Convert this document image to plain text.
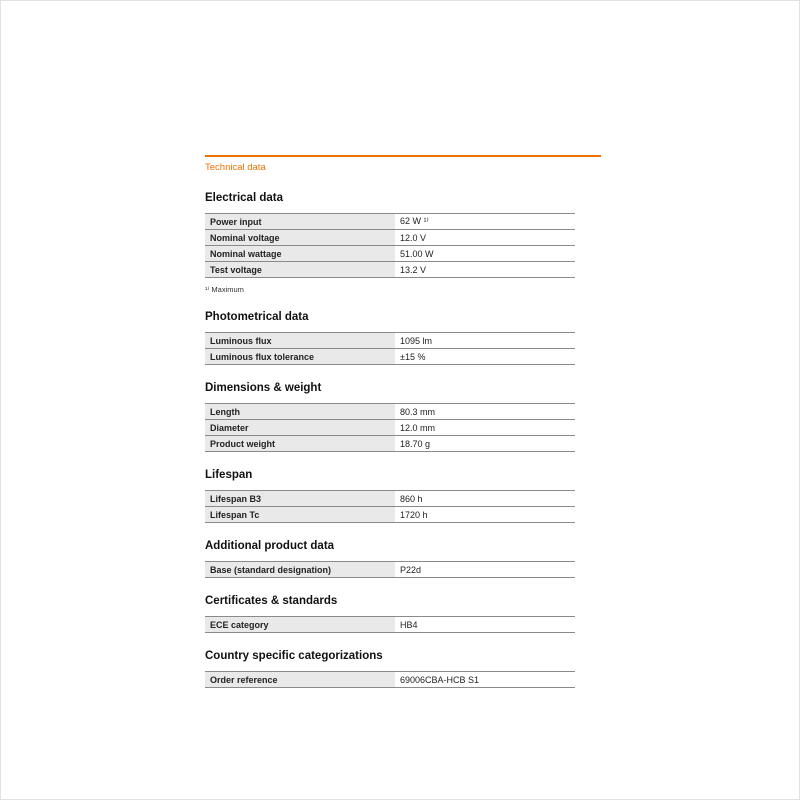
Technical data
Electrical data
Power input	62 W ¹⁾
Nominal voltage	12.0 V
Nominal wattage	51.00 W
Test voltage	13.2 V
¹⁾ Maximum
Photometrical data
Luminous flux	1095 lm
Luminous flux tolerance	±15 %
Dimensions & weight
Length	80.3 mm
Diameter	12.0 mm
Product weight	18.70 g
Lifespan
Lifespan B3	860 h
Lifespan Tc	1720 h
Additional product data
Base (standard designation)	P22d
Certificates & standards
ECE category	HB4
Country specific categorizations
Order reference	69006CBA-HCB S1
